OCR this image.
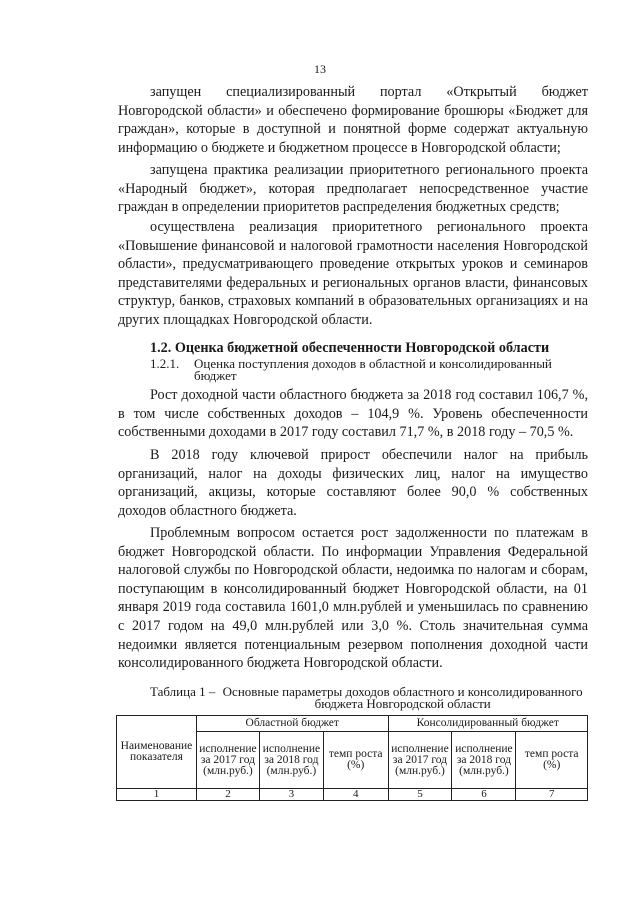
13

запущен специализированный портал «Открытый бюджет Новгородской области» и обеспечено формирование брошюры «Бюджет для граждан», которые в доступной и понятной форме содержат актуальную информацию о бюджете и бюджетном процессе в Новгородской области;

запущена практика реализации приоритетного регионального проекта «Народный бюджет», которая предполагает непосредственное участие граждан в определении приоритетов распределения бюджетных средств;

осуществлена реализация приоритетного регионального проекта «Повышение финансовой и налоговой грамотности населения Новгородской области», предусматривающего проведение открытых уроков и семинаров представителями федеральных и региональных органов власти, финансовых структур, банков, страховых компаний в образовательных организациях и на других площадках Новгородской области.

1.2. Оценка бюджетной обеспеченности Новгородской области
1.2.1.	Оценка поступления доходов в областной и консолидированный бюджет

Рост доходной части областного бюджета за 2018 год составил 106,7 %, в том числе собственных доходов – 104,9 %. Уровень обеспеченности собственными доходами в 2017 году составил 71,7 %, в 2018 году – 70,5 %.

В 2018 году ключевой прирост обеспечили налог на прибыль организаций, налог на доходы физических лиц, налог на имущество организаций, акцизы, которые составляют более 90,0 % собственных доходов областного бюджета.

Проблемным вопросом остается рост задолженности по платежам в бюджет Новгородской области. По информации Управления Федеральной налоговой службы по Новгородской области, недоимка по налогам и сборам, поступающим в консолидированный бюджет Новгородской области, на 01 января 2019 года составила 1601,0 млн.рублей и уменьшилась по сравнению с 2017 годом на 49,0 млн.рублей или 3,0 %. Столь значительная сумма недоимки является потенциальным резервом пополнения доходной части консолидированного бюджета Новгородской области.

Таблица 1 – Основные параметры доходов областного и консолидированного бюджета Новгородской области
Наименование показателя	Областной бюджет			Консолидированный бюджет		
	исполнение за 2017 год (млн.руб.)	исполнение за 2018 год (млн.руб.)	темп роста (%)	исполнение за 2017 год (млн.руб.)	исполнение за 2018 год (млн.руб.)	темп роста (%)
1	2	3	4	5	6	7
